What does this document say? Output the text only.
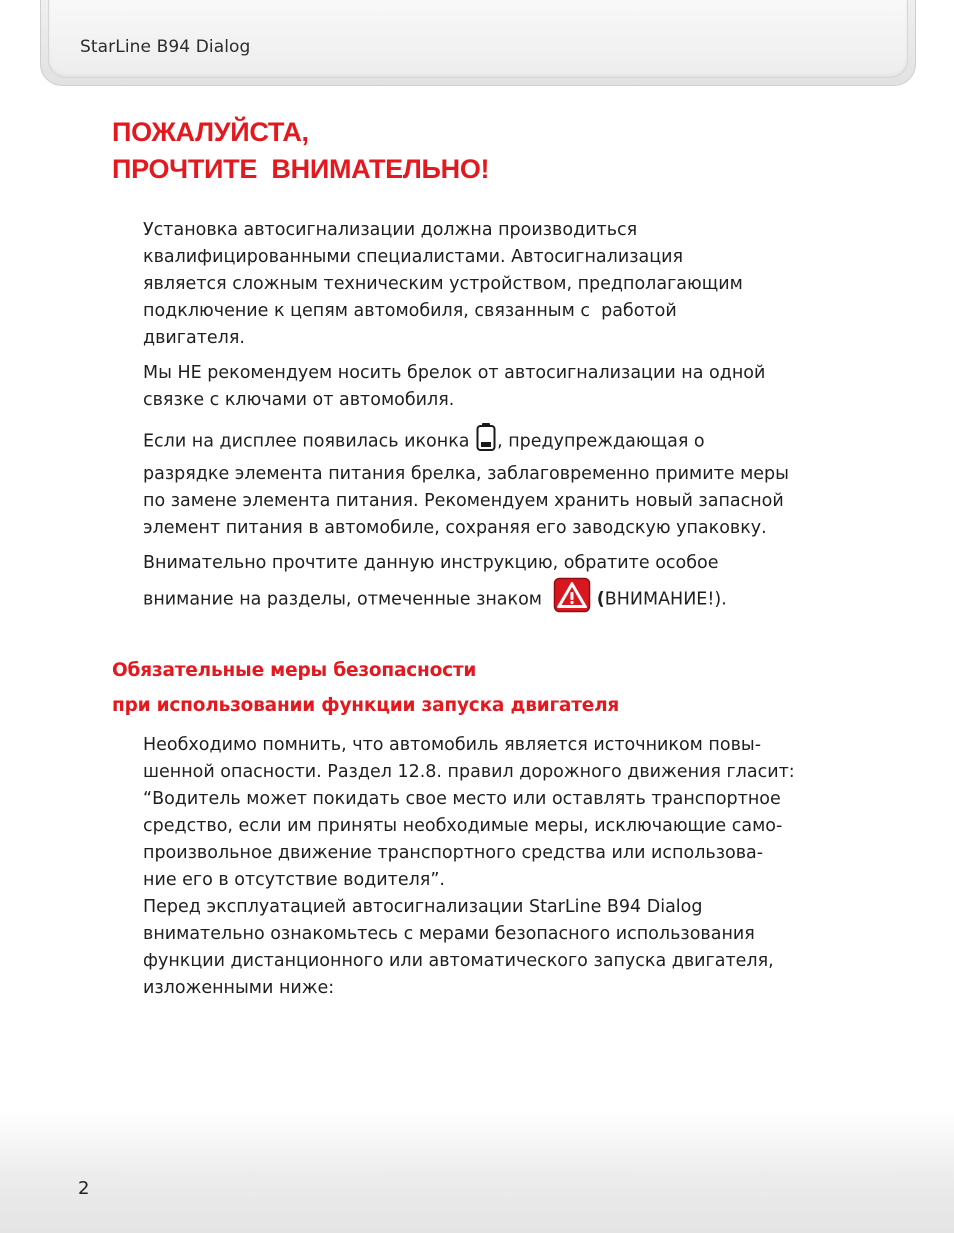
StarLine B94 Dialog
ПОЖАЛУЙСТА,
ПРОЧТИТЕ  ВНИМАТЕЛЬНО!

Установка автосигнализации должна производиться
квалифицированными специалистами. Автосигнализация
является сложным техническим устройством, предполагающим
подключение к цепям автомобиля, связанным с  работой
двигателя.

Мы НЕ рекомендуем носить брелок от автосигнализации на одной
связке с ключами от автомобиля.

Если на дисплее появилась иконка , предупреждающая о
разрядке элемента питания брелка, заблаговременно примите меры
по замене элемента питания. Рекомендуем хранить новый запасной
элемент питания в автомобиле, сохраняя его заводскую упаковку.

Внимательно прочтите данную инструкцию, обратите особое
внимание на разделы, отмеченные знаком	(ВНИМАНИЕ!).

Обязательные меры безопасности
при использовании функции запуска двигателя

Необходимо помнить, что автомобиль является источником повы-

шенной опасности. Раздел 12.8. правил дорожного движения гласит:

“Водитель может покидать свое место или оставлять транспортное

средство, если им приняты необходимые меры, исключающие само-

произвольное движение транспортного средства или использова-

ние его в отсутствие водителя”.

Перед эксплуатацией автосигнализации StarLine B94 Dialog

внимательно ознакомьтесь с мерами безопасного использования

функции дистанционного или автоматического запуска двигателя,

изложенными ниже:

2
